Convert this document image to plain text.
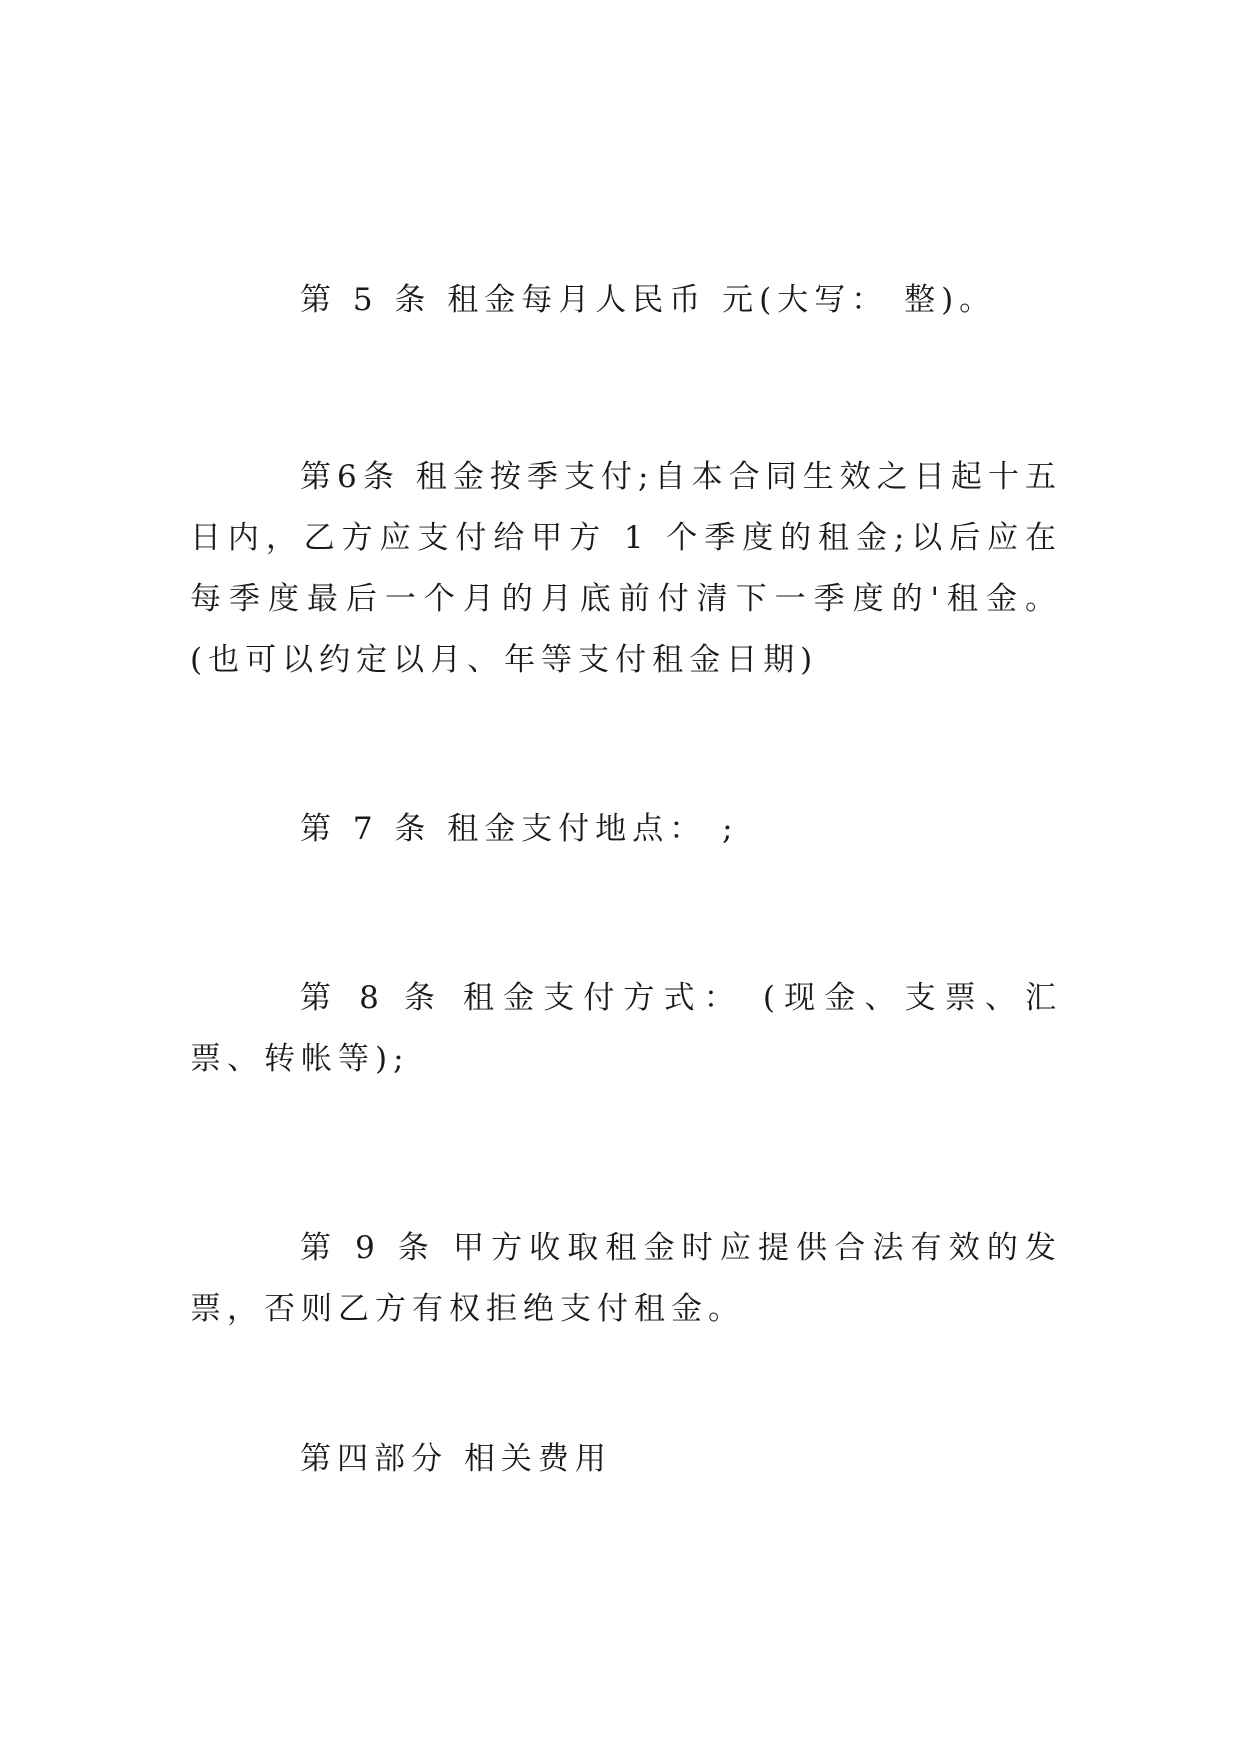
第 5 条 租金每月人民币 元(大写： 整)。

第6条 租金按季支付;自本合同生效之日起十五日内，乙方应支付给甲方 1 个季度的租金;以后应在每季度最后一个月的月底前付清下一季度的'租金。(也可以约定以月、年等支付租金日期)

第 7 条 租金支付地点： ;

第 8 条 租金支付方式： (现金、支票、汇票、转帐等);

第 9 条 甲方收取租金时应提供合法有效的发票，否则乙方有权拒绝支付租金。

第四部分 相关费用
